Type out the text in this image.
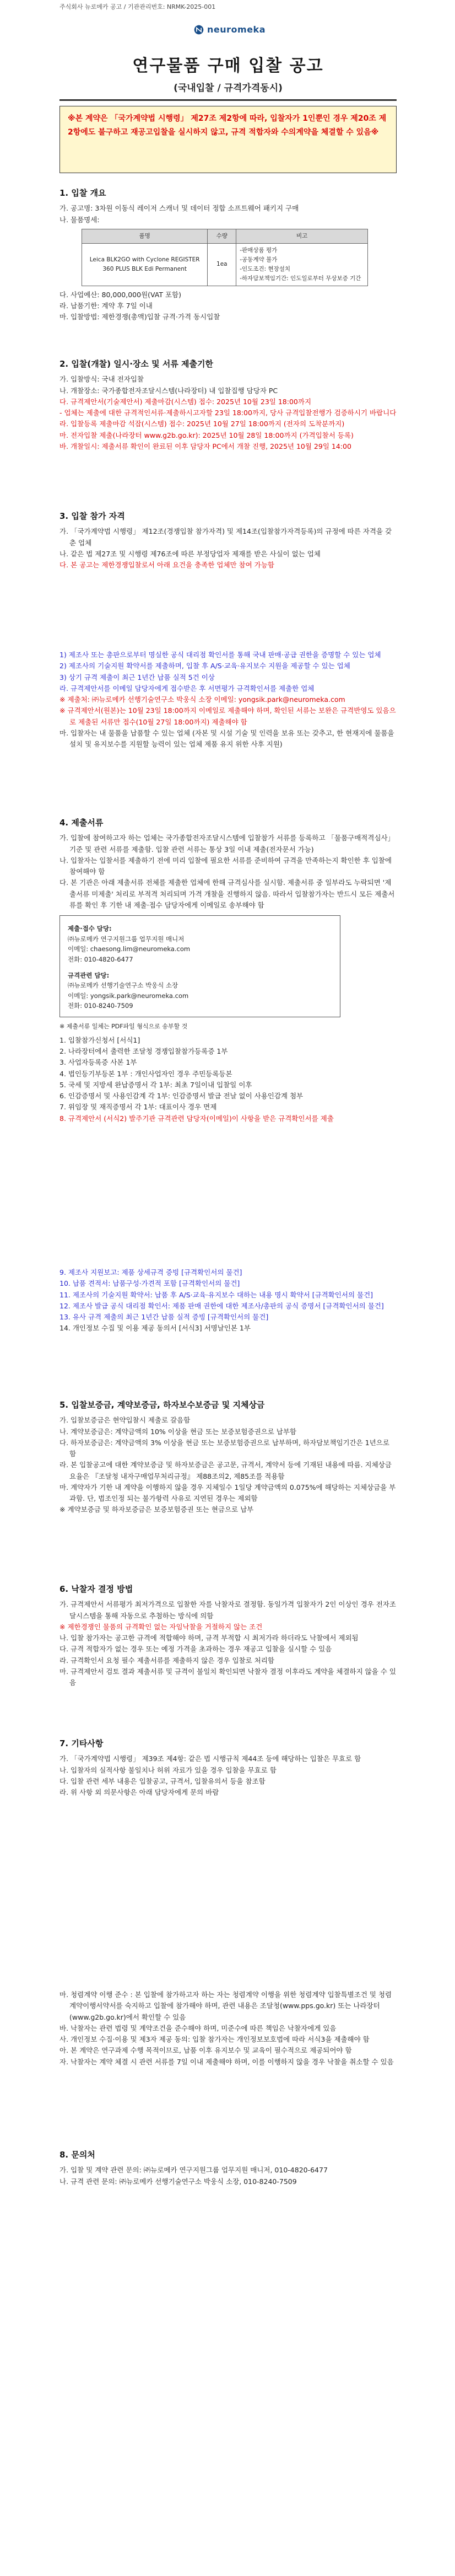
주식회사 뉴로메카 공고 / 기관관리번호: NRMK-2025-001
neuromeka
연구물품 구매 입찰 공고
(국내입찰 / 규격가격동시)
※본 계약은 「국가계약법 시행령」 제27조 제2항에 따라, 입찰자가 1인뿐인 경우 제20조 제2항에도 불구하고 재공고입찰을 실시하지 않고, 규격 적합자와 수의계약을 체결할 수 있음※
1. 입찰 개요
가. 공고명: 3차원 이동식 레이저 스캐너 및 데이터 정합 소프트웨어 패키지 구매
나. 물품명세:
품명	수량	비고
Leica BLK2GO with Cyclone REGISTER 360 PLUS BLK Edi Permanent	1ea	-판매상품 평가
-공동계약 불가
-인도조건: 현장설치
-하자담보책임기간: 인도일로부터 무상보증 기간
다. 사업예산: 80,000,000원(VAT 포함)
라. 납품기한: 계약 후 7일 이내
마. 입찰방법: 제한경쟁(총액)입찰 규격·가격 동시입찰
2. 입찰(개찰) 일시·장소 및 서류 제출기한
가. 입찰방식: 국내 전자입찰
나. 개찰장소: 국가종합전자조달시스템(나라장터) 내 입찰집행 담당자 PC
다. 규격제안서(기술제안서) 제출마감(시스템) 접수: 2025년 10월 23일 18:00까지
- 업체는 제출에 대한 규격적인서류·제출하시고자할 23일 18:00까지, 당사 규격입찰전행가 검증하시기 바랍니다
라. 입찰등록 제출마감 석잡(시스템) 접수: 2025년 10월 27일 18:00까지 (전자의 도착분까지)
마. 전자입찰 제출(나라장터 www.g2b.go.kr): 2025년 10월 28일 18:00까지 (가격입찰서 등록)
바. 개찰일시: 제출서류 확인이 완료된 이후 담당자 PC에서 개찰 진행, 2025년 10월 29일 14:00
3. 입찰 참가 자격
가. 「국가계약법 시행령」 제12조(경쟁입찰 참가자격) 및 제14조(입찰참가자격등록)의 규정에 따른 자격을 갖춘 업체
나. 같은 법 제27조 및 시행령 제76조에 따른 부정당업자 제재를 받은 사실이 없는 업체
다. 본 공고는 제한경쟁입찰로서 아래 요건을 충족한 업체만 참여 가능함
1) 제조사 또는 총판으로부터 명실한 공식 대리점 확인서를 통해 국내 판매·공급 권한을 증명할 수 있는 업체
2) 제조사의 기술지원 확약서를 제출하며, 입찰 후 A/S·교육·유지보수 지원을 제공할 수 있는 업체
3) 상기 규격 제출이 최근 1년간 납품 실적 5건 이상
라. 규격제안서를 이메일 담당자에게 접수받은 후 서면평가 규격확인서를 제출한 업체
※ 제출처: ㈜뉴로메카 선행기술연구소 박웅식 소장 이메일: yongsik.park@neuromeka.com
※ 규격제안서(원본)는 10월 23일 18:00까지 이메일로 제출해야 하며, 확인된 서류는 보완은 규격반영도 있음으로 제출된 서류만 접수(10월 27일 18:00까지) 제출해야 함
마. 입찰자는 내 물품을 납품할 수 있는 업체 (자본 및 시설 기술 및 인력을 보유 또는 갖추고, 한 현재지에 물품을 설치 및 유지보수를 지원할 능력이 있는 업체 제품 유지 위한 사후 지원)
4. 제출서류
가. 입찰에 참여하고자 하는 업체는 국가종합전자조달시스템에 입찰참가 서류를 등록하고 「물품구매적격심사」 기준 및 관련 서류를 제출함. 입찰 관련 서류는 통상 3일 이내 제출(전자문서 가능)
나. 입찰자는 입찰서를 제출하기 전에 미리 입찰에 필요한 서류를 준비하여 규격을 만족하는지 확인한 후 입찰에 참여해야 함
다. 본 기관은 아래 제출서류 전체를 제출한 업체에 한해 규격심사를 실시함. 제출서류 중 일부라도 누락되면 '제출서류 미제출' 처리로 부적격 처리되며 가격 개찰을 진행하지 않음. 따라서 입찰참가자는 반드시 모든 제출서류를 확인 후 기한 내 제출·접수 담당자에게 이메일로 송부해야 함
제출·접수 담당:
㈜뉴로메카 연구지원그룹 업무지원 매니저
이메일: chaesong.lim@neuromeka.com
전화: 010-4820-6477
규격관련 담당:
㈜뉴로메카 선행기술연구소 박웅식 소장
이메일: yongsik.park@neuromeka.com
전화: 010-8240-7509
※ 제출서류 일체는 PDF파일 형식으로 송부할 것
1. 입찰참가신청서 [서식1]
2. 나라장터에서 출력한 조달청 경쟁입찰참가등록증 1부
3. 사업자등록증 사본 1부
4. 법인등기부등본 1부 : 개인사업자인 경우 주민등록등본
5. 국세 및 지방세 완납증명서 각 1부: 최초 7일이내 입찰일 이후
6. 인감증명서 및 사용인감계 각 1부: 인감증명서 발급 전날 없이 사용인감계 첨부
7. 위임장 및 재직증명서 각 1부: 대표이사 경우 면제
8. 규격제안서 (서식2) 발주기관 규격관련 담당자(이메일)이 사항을 받은 규격확인서를 제출
9. 제조사 지원보고: 제품 상세규격 증빙 [규격확인서의 물건]
10. 납품 견적서: 납품구성·가견적 포함 [규격확인서의 물건]
11. 제조사의 기술지원 확약서: 납품 후 A/S·교육·유지보수 대하는 내용 명시 확약서 [규격확인서의 물건]
12. 제조사 발급 공식 대리점 확인서: 제품 판매 권한에 대한 제조사/총판의 공식 증명서 [규격확인서의 물건]
13. 유사 규격 제출의 최근 1년간 납품 실적 증빙 [규격확인서의 물건]
14. 개인정보 수집 및 이용 제공 동의서 [서식3] 서명날인본 1부
5. 입찰보증금, 계약보증금, 하자보수보증금 및 지체상금
가. 입찰보증금은 현약입찰시 제출로 갈음함
나. 계약보증금은: 계약금액의 10% 이상을 현금 또는 보증보험증권으로 납부함
다. 하자보증금은: 계약금액의 3% 이상을 현금 또는 보증보험증권으로 납부하며, 하자담보책임기간은 1년으로 함
라. 본 입찰공고에 대한 계약보증금 및 하자보증금은 공고문, 규격서, 계약서 등에 기재된 내용에 따름. 지체상금 요율은 『조달청 내자구매업무처리규정』 제88조의2, 제85조를 적용함
마. 계약자가 기한 내 계약을 이행하지 않을 경우 지체일수 1일당 계약금액의 0.075%에 해당하는 지체상금을 부과함. 단, 법조인정 되는 불가항력 사유로 지연된 경우는 제외함
※ 계약보증금 및 하자보증금은 보증보험증권 또는 현금으로 납부
6. 낙찰자 결정 방법
가. 규격제안서 서류평가 최저가격으로 입찰한 자를 낙찰자로 결정함. 동일가격 입찰자가 2인 이상인 경우 전자조달시스템을 통해 자동으로 추첨하는 방식에 의함
※ 제한경쟁인 물품의 규격확인 없는 자임낙찰을 거절하지 않는 조건
나. 입찰 참가자는 공고한 규격에 적합해야 하며, 규격 부적합 시 최저가라 하더라도 낙찰에서 제외됨
다. 규격 적합자가 없는 경우 또는 예정 가격을 초과하는 경우 재공고 입찰을 실시할 수 있음
라. 규격확인서 요청 필수 제출서류를 제출하지 않은 경우 입찰로 처리함
마. 규격제안서 검토 결과 제출서류 및 규격이 불일치 확인되면 낙찰자 결정 이후라도 계약을 체결하지 않을 수 있음
7. 기타사항
가. 「국가계약법 시행령」 제39조 제4항: 같은 법 시행규칙 제44조 등에 해당하는 입찰은 무효로 함
나. 입찰자의 실적사항 불일치나 허위 자료가 있을 경우 입찰을 무효로 함
다. 입찰 관련 세부 내용은 입찰공고, 규격서, 입찰유의서 등을 참조함
라. 위 사항 외 의문사항은 아래 담당자에게 문의 바람
마. 청렴계약 이행 준수 : 본 입찰에 참가하고자 하는 자는 청렴계약 이행을 위한 청렴계약 입찰특별조건 및 청렴계약이행서약서를 숙지하고 입찰에 참가해야 하며, 관련 내용은 조달청(www.pps.go.kr) 또는 나라장터(www.g2b.go.kr)에서 확인할 수 있음
바. 낙찰자는 관련 법령 및 계약조건을 준수해야 하며, 미준수에 따른 책임은 낙찰자에게 있음
사. 개인정보 수집·이용 및 제3자 제공 동의: 입찰 참가자는 개인정보보호법에 따라 서식3을 제출해야 함
아. 본 계약은 연구과제 수행 목적이므로, 납품 이후 유지보수 및 교육이 필수적으로 제공되어야 함
자. 낙찰자는 계약 체결 시 관련 서류를 7일 이내 제출해야 하며, 이를 이행하지 않을 경우 낙찰을 취소할 수 있음
8. 문의처
가. 입찰 및 계약 관련 문의: ㈜뉴로메카 연구지원그룹 업무지원 매니저, 010-4820-6477
나. 규격 관련 문의: ㈜뉴로메카 선행기술연구소 박웅식 소장, 010-8240-7509
